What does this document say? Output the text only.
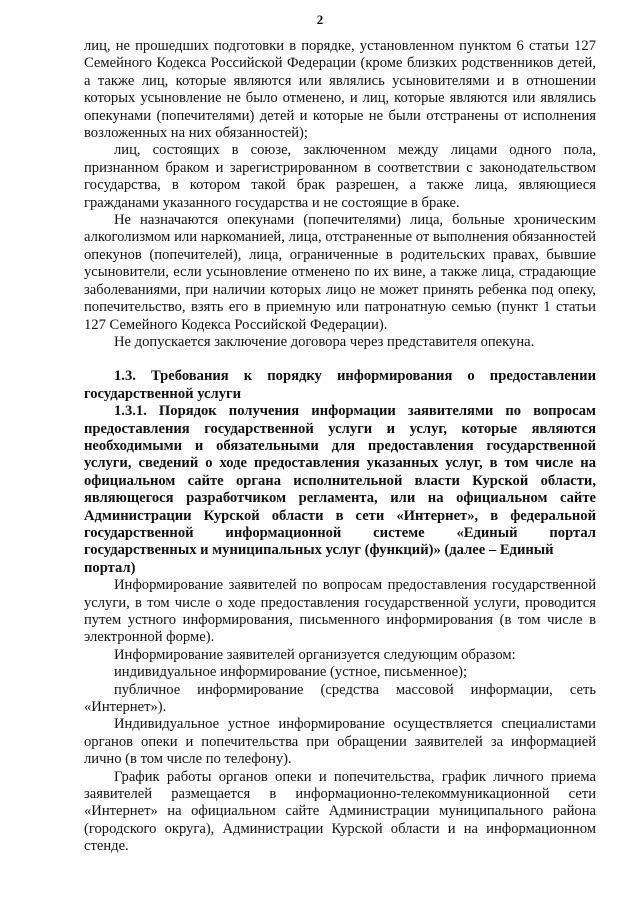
2

лиц, не прошедших подготовки в порядке, установленном пунктом 6 статьи 127 Семейного Кодекса Российской Федерации (кроме близких родственников детей, а также лиц, которые являются или являлись усыновителями и в отношении которых усыновление не было отменено, и лиц, которые являются или являлись опекунами (попечителями) детей и которые не были отстранены от исполнения возложенных на них обязанностей);

лиц, состоящих в союзе, заключенном между лицами одного пола, признанном браком и зарегистрированном в соответствии с законодательством государства, в котором такой брак разрешен, а также лица, являющиеся гражданами указанного государства и не состоящие в браке.

Не назначаются опекунами (попечителями) лица, больные хроническим алкоголизмом или наркоманией, лица, отстраненные от выполнения обязанностей опекунов (попечителей), лица, ограниченные в родительских правах, бывшие усыновители, если усыновление отменено по их вине, а также лица, страдающие заболеваниями, при наличии которых лицо не может принять ребенка под опеку, попечительство, взять его в приемную или патронатную семью (пункт 1 статьи 127 Семейного Кодекса Российской Федерации).

Не допускается заключение договора через представителя опекуна.

1.3. Требования к порядку информирования о предоставлении государственной услуги

1.3.1. Порядок получения информации заявителями по вопросам предоставления государственной услуги и услуг, которые являются необходимыми и обязательными для предоставления государственной услуги, сведений о ходе предоставления указанных услуг, в том числе на официальном сайте органа исполнительной власти Курской области, являющегося разработчиком регламента, или на официальном сайте Администрации Курской области в сети «Интернет», в федеральной государственной информационной системе «Единый портал государственных и муниципальных услуг (функций)» (далее – Единый

портал)

Информирование заявителей по вопросам предоставления государственной услуги, в том числе о ходе предоставления государственной услуги, проводится путем устного информирования, письменного информирования (в том числе в электронной форме).

Информирование заявителей организуется следующим образом:

индивидуальное информирование (устное, письменное);

публичное информирование (средства массовой информации, сеть «Интернет»).

Индивидуальное устное информирование осуществляется специалистами органов опеки и попечительства при обращении заявителей за информацией лично (в том числе по телефону).

График работы органов опеки и попечительства, график личного приема заявителей размещается в информационно-телекоммуникационной сети «Интернет» на официальном сайте Администрации муниципального района (городского округа), Администрации Курской области и на информационном стенде.
